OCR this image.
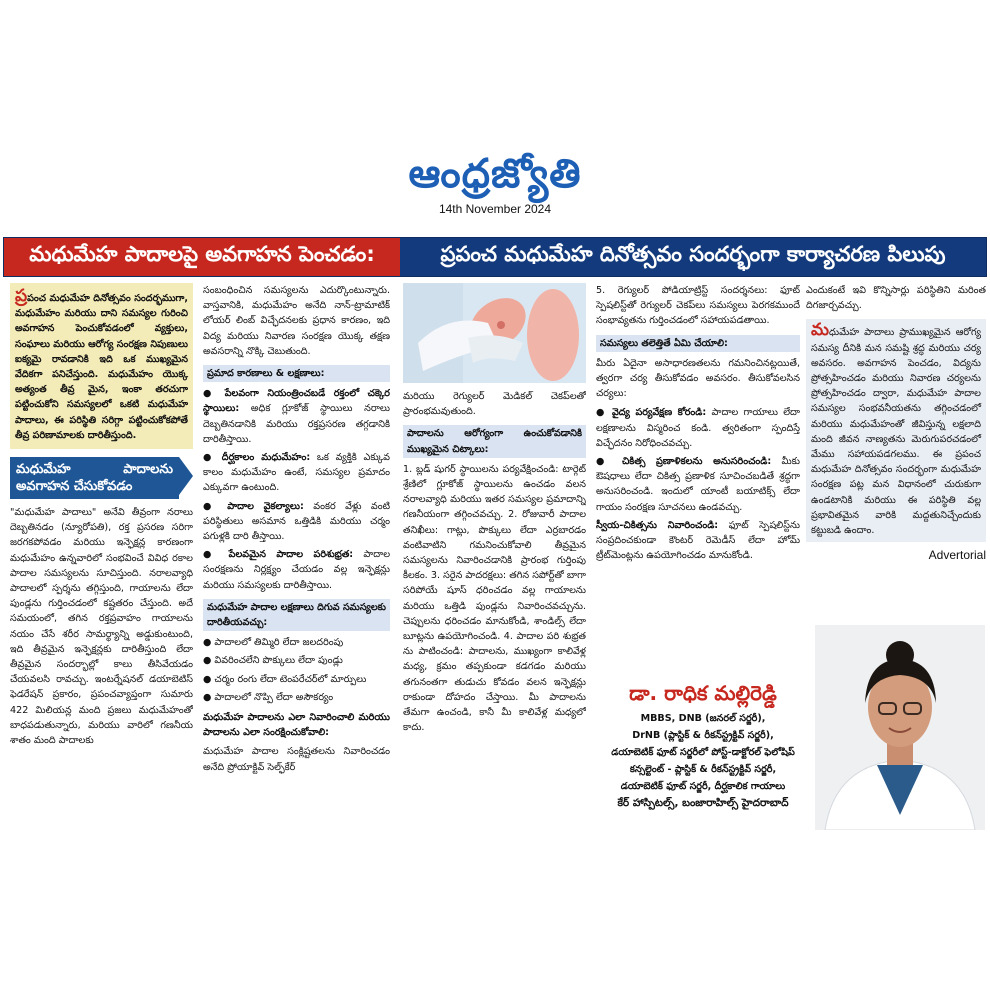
ఆంధ్రజ్యోతి
14th November 2024
మధుమేహ పాదాలపై అవగాహన పెంచడం:	ప్రపంచ మధుమేహ దినోత్సవం సందర్భంగా కార్యాచరణ పిలుపు
ప్రపంచ మధుమేహ దినోత్సవం సందర్భముగా, మధుమేహం మరియు దాని సమస్యల గురించి అవగాహన పెంచుకోవడంలో వ్యక్తులు, సంఘాలు మరియు ఆరోగ్య సంరక్షణ నిపుణులు ఐక్యమై రావడానికి ఇది ఒక ముఖ్యమైన వేదికగా పనిచేస్తుంది. మధుమేహం యొక్క అత్యంత తీవ్ర మైన, ఇంకా తరచుగా పట్టించుకోని సమస్యలలో ఒకటి మధుమేహ పాదాలు, ఈ పరిస్థితి సరిగ్గా పట్టించుకోకపోతే తీవ్ర పరిణామాలకు దారితీస్తుంది.
మధుమేహ పాదాలను అవగాహన చేసుకోవడం

"మధుమేహ పాదాలు" అనేవి తీవ్రంగా నరాలు దెబ్బతినడం (న్యూరోపతి), రక్త ప్రసరణ సరిగా జరగకపోవడం మరియు ఇన్ఫెక్షన్ల కారణంగా మధుమేహం ఉన్నవారిలో సంభవించే వివిధ రకాల పాదాల సమస్యలను సూచిస్తుంది. నరాలవ్యాధి పాదాలలో స్పర్శను తగ్గిస్తుంది, గాయాలను లేదా పుండ్లను గుర్తించడంలో కష్టతరం చేస్తుంది. అదే సమయంలో, తగిన రక్తప్రవాహం గాయాలను నయం చేసే శరీర సామర్థ్యాన్ని అడ్డుకుంటుంది, ఇది తీవ్రమైన ఇన్ఫెక్షన్లకు దారితీస్తుంది లేదా తీవ్రమైన సందర్భాల్లో కాలు తీసివేయడం చేయవలసి రావచ్చు. ఇంటర్నేషనల్ డయాబెటిస్ ఫెడరేషన్ ప్రకారం, ప్రపంచవ్యాప్తంగా సుమారు 422 మిలియన్ల మంది ప్రజలు మధుమేహంతో బాధపడుతున్నారు, మరియు వారిలో గణనీయ శాతం మంది పాదాలకు

సంబంధించిన సమస్యలను ఎదుర్కొంటున్నారు. వాస్తవానికి, మధుమేహం అనేది నాన్-ట్రామాటిక్ లోయర్ లింబ్ విచ్ఛేదనలకు ప్రధాన కారణం, ఇది విద్య మరియు నివారణ సంరక్షణ యొక్క తక్షణ అవసరాన్ని నొక్కి చెబుతుంది.

ప్రమాద కారణాలు & లక్షణాలు:
● పేలవంగా నియంత్రించబడే రక్తంలో చక్కెర స్థాయిలు: అధిక గ్లూకోజ్ స్థాయిలు నరాలు దెబ్బతినడానికి మరియు రక్తప్రసరణ తగ్గడానికి దారితీస్తాయి.
● దీర్ఘకాలం మధుమేహం: ఒక వ్యక్తికి ఎక్కువ కాలం మధుమేహం ఉంటే, సమస్యల ప్రమాదం ఎక్కువగా ఉంటుంది.
● పాదాల వైకల్యాలు: వంకర వేళ్లు వంటి పరిస్థితులు అసమాన ఒత్తిడికి మరియు చర్మం పగుళ్లకి దారి తీస్తాయి.
● పేలవమైన పాదాల పరిశుభ్రత: పాదాల సంరక్షణను నిర్లక్ష్యం చేయడం వల్ల ఇన్ఫెక్షన్లు మరియు సమస్యలకు దారితీస్తాయి.
మధుమేహ పాదాల లక్షణాలు దిగువ సమస్యలకు దారితీయవచ్చు:
● పాదాలలో తిమ్మిరి లేదా జలదరింపు
● వివరించలేని పొక్కులు లేదా పుండ్లు
● చర్మం రంగు లేదా టెంపరేచర్‌లో మార్పులు
● పాదాలలో నొప్పి లేదా అసౌకర్యం

మధుమేహ పాదాలను ఎలా నివారించాలి మరియు పాదాలను ఎలా సంరక్షించుకోవాలి:

మధుమేహ పాదాల సంక్లిష్టతలను నివారించడం అనేది ప్రోయాక్టివ్ సెల్ఫ్‌కేర్

మరియు రెగ్యులర్ మెడికల్ చెకప్‌లతో ప్రారంభమవుతుంది.

పాదాలను ఆరోగ్యంగా ఉంచుకోవడానికి ముఖ్యమైన చిట్కాలు:

1. బ్లడ్ షుగర్ స్థాయిలను పర్యవేక్షించండి: టార్గెట్ శ్రేణిలో గ్లూకోజ్ స్థాయిలను ఉంచడం వలన నరాలవ్యాధి మరియు ఇతర సమస్యల ప్రమాదాన్ని గణనీయంగా తగ్గించవచ్చు. 2. రోజువారీ పాదాల తనిఖీలు: గాట్లు, పొక్కులు లేదా ఎర్రబారడం వంటివాటిని గమనించుకోవాలి తీవ్రమైన సమస్యలను నివారించడానికి ప్రారంభ గుర్తింపు కీలకం. 3. సరైన పాదరక్షలు: తగిన సపోర్ట్‌తో బాగా సరిపోయే షూస్ ధరించడం వల్ల గాయాలను మరియు ఒత్తిడి పుండ్లను నివారించవచ్చును. చెప్పులను ధరించడం మానుకోండి, శాండిల్స్ లేదా బూట్లను ఉపయోగించండి. 4. పాదాల పరి శుభ్రత ను పాటించండి: పాదాలను, ముఖ్యంగా కాలివేళ్ల మధ్య, క్రమం తప్పకుండా కడగడం మరియు తగునంతగా తుడుచు కోవడం వలన ఇన్ఫెక్షన్లు రాకుండా దోహదం చేస్తాయి. మీ పాదాలను తేమగా ఉంచండి, కానీ మీ కాలివేళ్ల మధ్యలో కాదు.

5. రెగ్యులర్ పోడియాట్రిస్ట్ సందర్శనలు: ఫూట్ స్పెషలిస్ట్‌తో రెగ్యులర్ చెకప్‌లు సమస్యలు పెరగకముందే సంభావ్యతను గుర్తించడంలో సహాయపడతాయి.

సమస్యలు తలెత్తితే ఏమి చేయాలి:

మీరు ఏదైనా అసాధారణతలను గమనించినట్లయితే, త్వరగా చర్య తీసుకోవడం అవసరం. తీసుకోవలసిన చర్యలు:

● వైద్య పర్యవేక్షణ కోరండి: పాదాల గాయాలు లేదా లక్షణాలను విస్మరించ కండి. త్వరితంగా స్పందిస్తే విచ్ఛేదనం నిరోధించవచ్చు.
● చికిత్స ప్రణాళికలను అనుసరించండి: మీకు ఔషధాలు లేదా చికిత్స ప్రణాళిక సూచించబడితే శ్రద్ధగా అనుసరించండి. ఇందులో యాంటీ బయాటిక్స్ లేదా గాయం సంరక్షణ సూచనలు ఉండవచ్చు.
స్వీయ-చికిత్సను నివారించండి: ఫూట్ స్పెషలిస్ట్‌ను సంప్రదించకుండా కౌంటర్ రెమెడీస్ లేదా హోమ్ ట్రీట్‌మెంట్లను ఉపయోగించడం మానుకోండి.

ఎందుకంటే ఇవి కొన్నిసార్లు పరిస్థితిని మరింత దిగజార్చవచ్చు.

మధుమేహ పాదాలు ప్రాముఖ్యమైన ఆరోగ్య సమస్య దీనికి మన సమష్టి శ్రద్ధ మరియు చర్య అవసరం. అవగాహన పెంచడం, విద్యను ప్రోత్సహించడం మరియు నివారణ చర్యలను ప్రోత్సహించడం ద్వారా, మధుమేహ పాదాల సమస్యల సంభవనీయతను తగ్గించడంలో మరియు మధుమేహంతో జీవిస్తున్న లక్షలాది మంది జీవన నాణ్యతను మెరుగుపరచడంలో మేము సహాయపడగలము. ఈ ప్రపంచ మధుమేహ దినోత్సవం సందర్భంగా మధుమేహ సంరక్షణ పట్ల మన విధానంలో చురుకుగా ఉండటానికి మరియు ఈ పరిస్థితి వల్ల ప్రభావితమైన వారికి మద్దతునిచ్చేందుకు కట్టుబడి ఉందాం.
Advertorial
డా. రాధిక మల్లిరెడ్డి
MBBS, DNB (జనరల్ సర్జరీ),
DrNB (ప్లాస్టిక్ & రీకన్‌స్ట్రక్టివ్ సర్జరీ),
డయాబెటిక్ ఫూట్ సర్జరీలో పోస్ట్-డాక్టోరల్ ఫెలోషిప్
కన్సల్టెంట్ - ప్లాస్టిక్ & రీకన్‌స్ట్రక్టివ్ సర్జరీ,
డయాబెటిక్ ఫూట్ సర్జరీ, దీర్ఘకాలిక గాయాలు
కేర్ హాస్పిటల్స్, బంజారాహిల్స్ హైదరాబాద్
